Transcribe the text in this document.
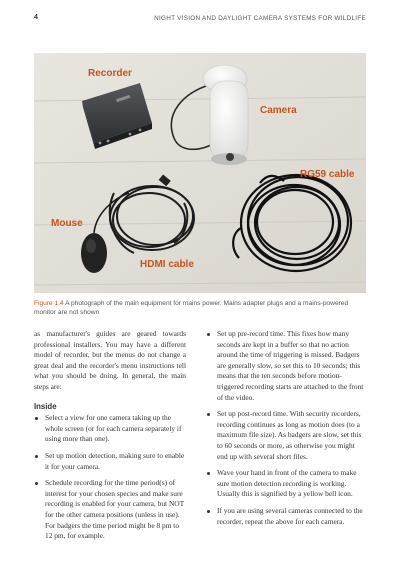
4	NIGHT VISION AND DAYLIGHT CAMERA SYSTEMS FOR WILDLIFE
Recorder
Camera
RG59 cable
Mouse
HDMI cable
Figure 1.4 A photograph of the main equipment for mains power. Mains adapter plugs and a mains-powered monitor are not shown

as manufacturer's guides are geared towards professional installers. You may have a different model of recorder, but the menus do not change a great deal and the recorder's menu instructions tell what you should be doing. In general, the main steps are:

Inside
Select a view for one camera taking up the whole screen (or for each camera separately if using more than one).
Set up motion detection, making sure to enable it for your camera.
Schedule recording for the time period(s) of interest for your chosen species and make sure recording is enabled for your camera, but NOT for the other camera positions (unless in use). For badgers the time period might be 8 pm to 12 pm, for example.
Set up pre-record time. This fixes how many seconds are kept in a buffer so that no action around the time of triggering is missed. Badgers are generally slow, so set this to 10 seconds; this means that the ten seconds before motion-triggered recording starts are attached to the front of the video.
Set up post-record time. With security recorders, recording continues as long as motion does (to a maximum file size). As badgers are slow, set this to 60 seconds or more, as otherwise you might end up with several short files.
Wave your hand in front of the camera to make sure motion detection recording is working. Usually this is signified by a yellow bell icon.
If you are using several cameras connected to the recorder, repeat the above for each camera.
